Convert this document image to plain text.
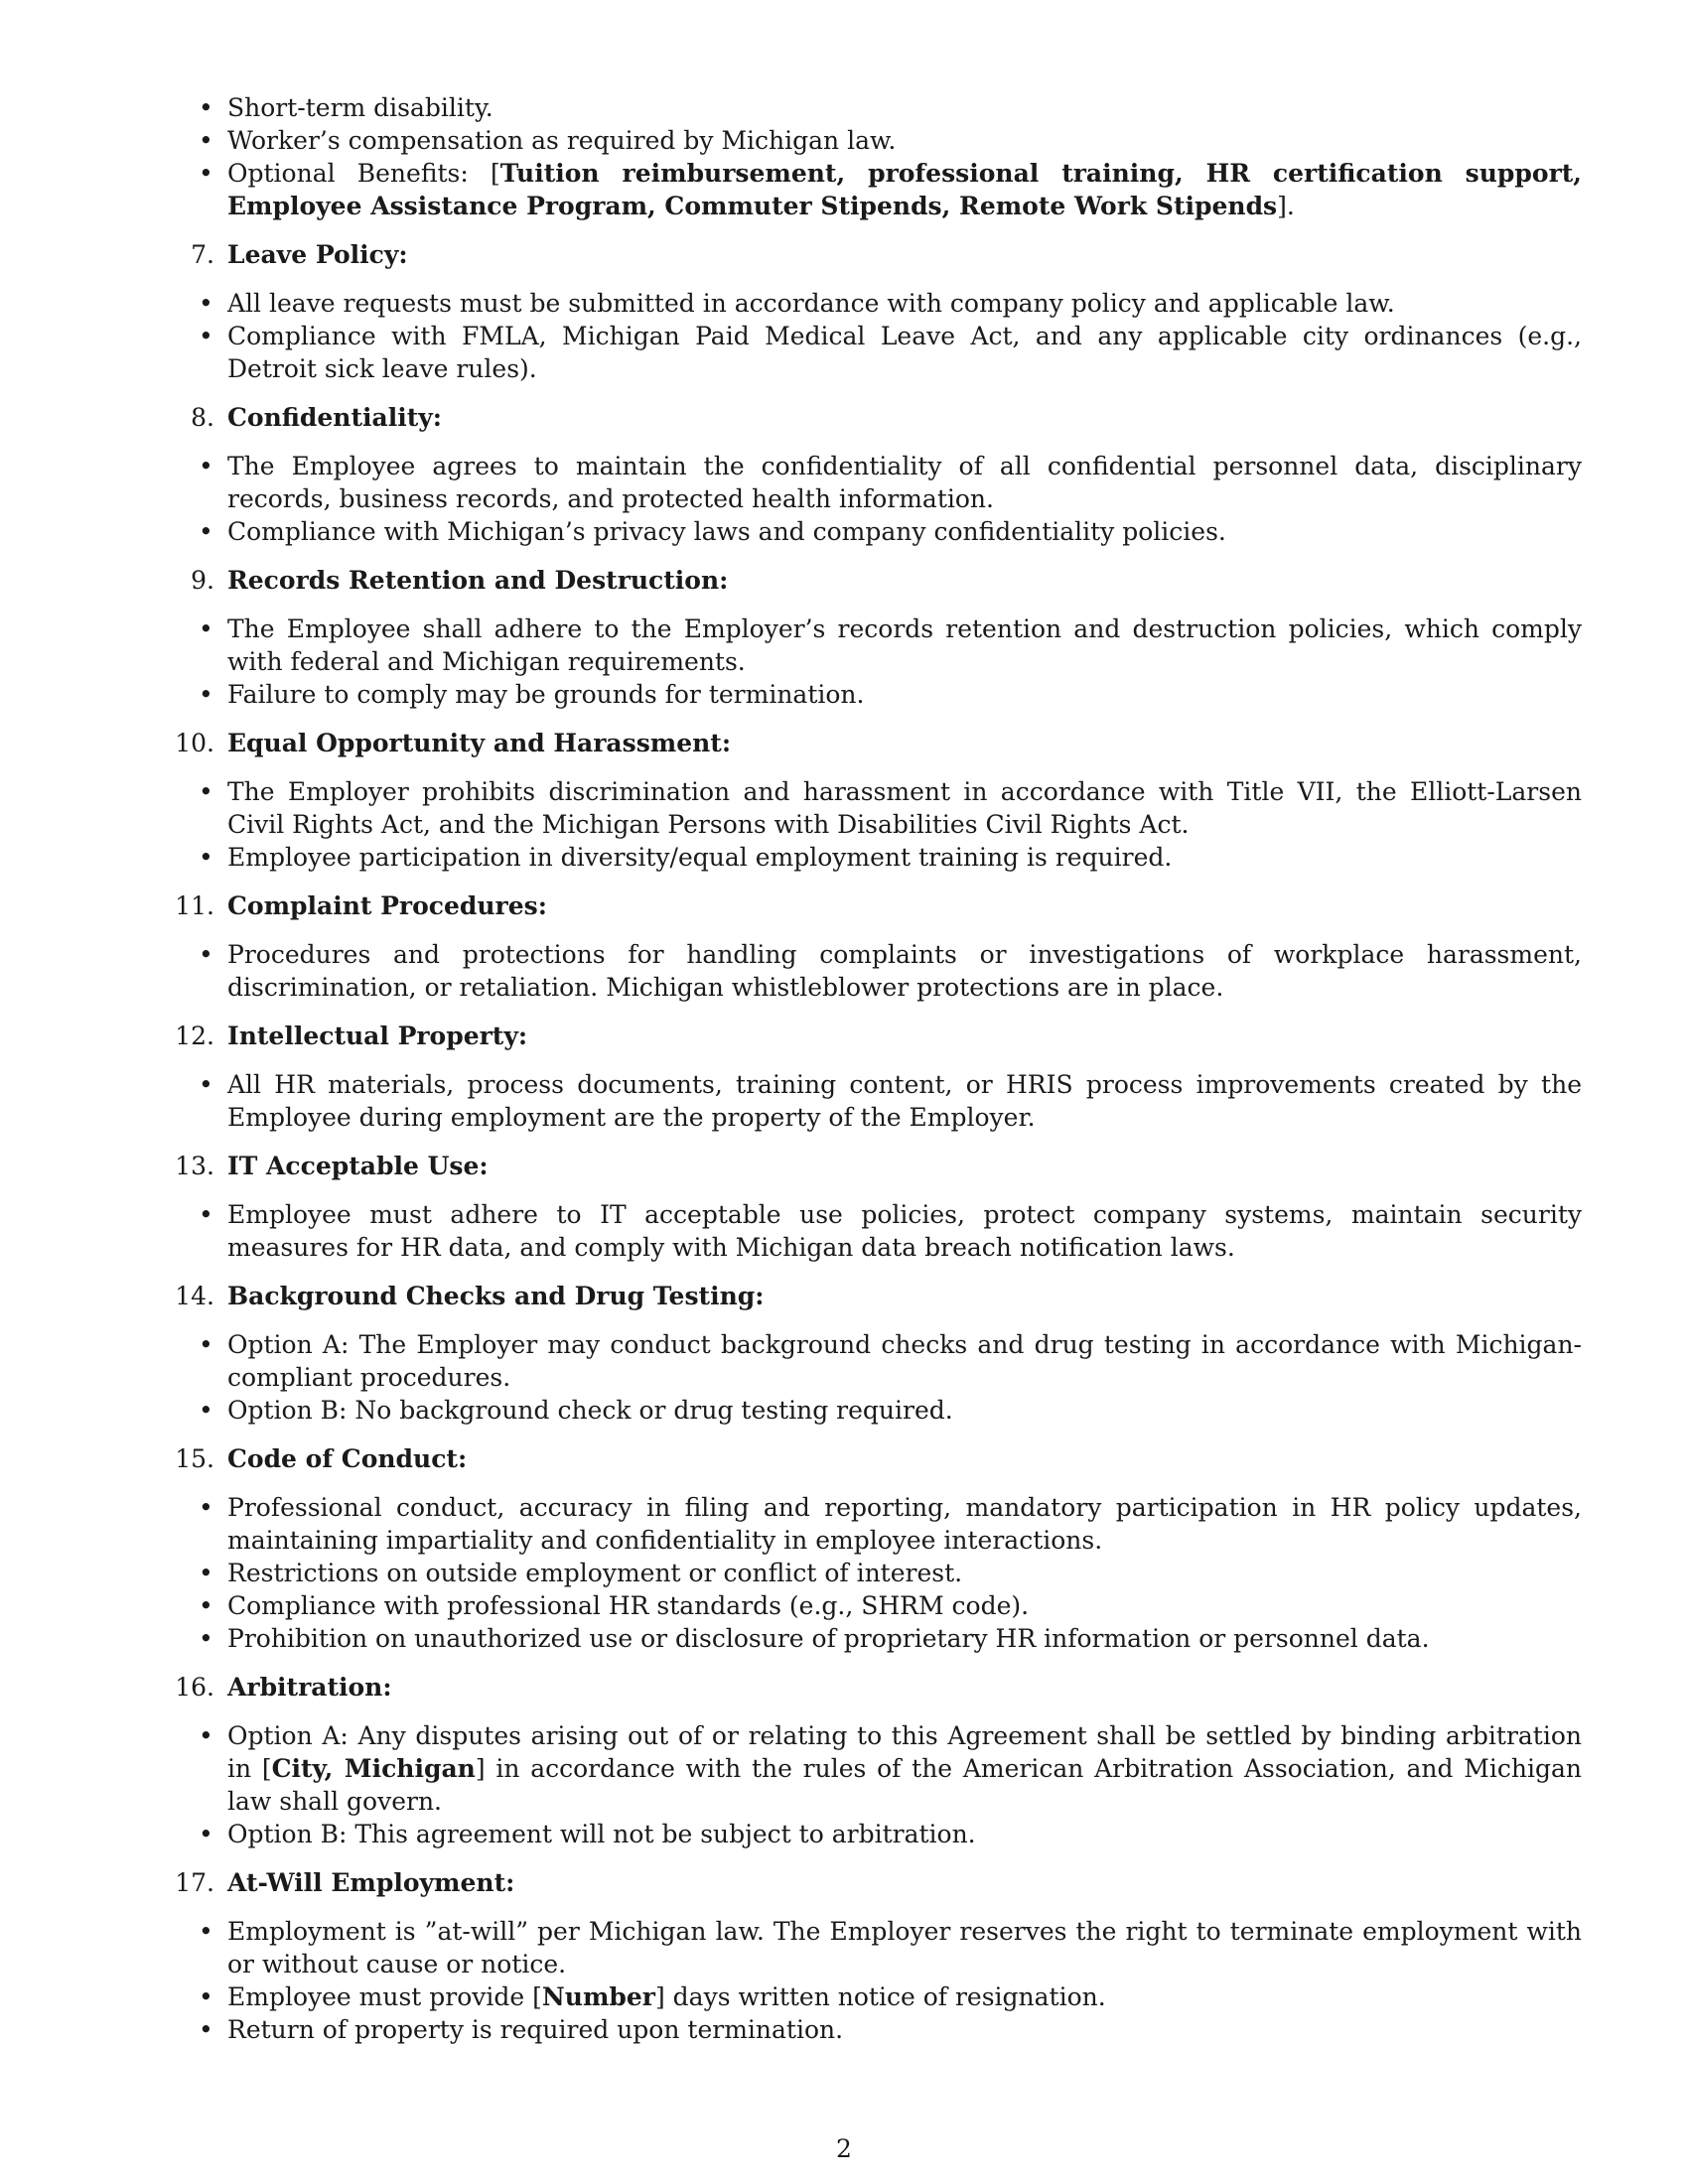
• Short-term disability.
• Worker’s compensation as required by Michigan law.
• Optional Benefits: [Tuition reimbursement, professional training, HR certification support, Employee Assistance Program, Commuter Stipends, Remote Work Stipends].
7. Leave Policy:
• All leave requests must be submitted in accordance with company policy and applicable law.
• Compliance with FMLA, Michigan Paid Medical Leave Act, and any applicable city ordinances (e.g., Detroit sick leave rules).
8. Confidentiality:
• The Employee agrees to maintain the confidentiality of all confidential personnel data, disciplinary records, business records, and protected health information.
• Compliance with Michigan’s privacy laws and company confidentiality policies.
9. Records Retention and Destruction:
• The Employee shall adhere to the Employer’s records retention and destruction policies, which comply with federal and Michigan requirements.
• Failure to comply may be grounds for termination.
10. Equal Opportunity and Harassment:
• The Employer prohibits discrimination and harassment in accordance with Title VII, the Elliott-Larsen Civil Rights Act, and the Michigan Persons with Disabilities Civil Rights Act.
• Employee participation in diversity/equal employment training is required.
11. Complaint Procedures:
• Procedures and protections for handling complaints or investigations of workplace harassment, discrimination, or retaliation. Michigan whistleblower protections are in place.
12. Intellectual Property:
• All HR materials, process documents, training content, or HRIS process improvements created by the Employee during employment are the property of the Employer.
13. IT Acceptable Use:
• Employee must adhere to IT acceptable use policies, protect company systems, maintain security measures for HR data, and comply with Michigan data breach notification laws.
14. Background Checks and Drug Testing:
• Option A: The Employer may conduct background checks and drug testing in accordance with Michigan-compliant procedures.
• Option B: No background check or drug testing required.
15. Code of Conduct:
• Professional conduct, accuracy in filing and reporting, mandatory participation in HR policy updates, maintaining impartiality and confidentiality in employee interactions.
• Restrictions on outside employment or conflict of interest.
• Compliance with professional HR standards (e.g., SHRM code).
• Prohibition on unauthorized use or disclosure of proprietary HR information or personnel data.
16. Arbitration:
• Option A: Any disputes arising out of or relating to this Agreement shall be settled by binding arbitration in [City, Michigan] in accordance with the rules of the American Arbitration Association, and Michigan law shall govern.
• Option B: This agreement will not be subject to arbitration.
17. At-Will Employment:
• Employment is ”at-will” per Michigan law. The Employer reserves the right to terminate employment with or without cause or notice.
• Employee must provide [Number] days written notice of resignation.
• Return of property is required upon termination.
2
